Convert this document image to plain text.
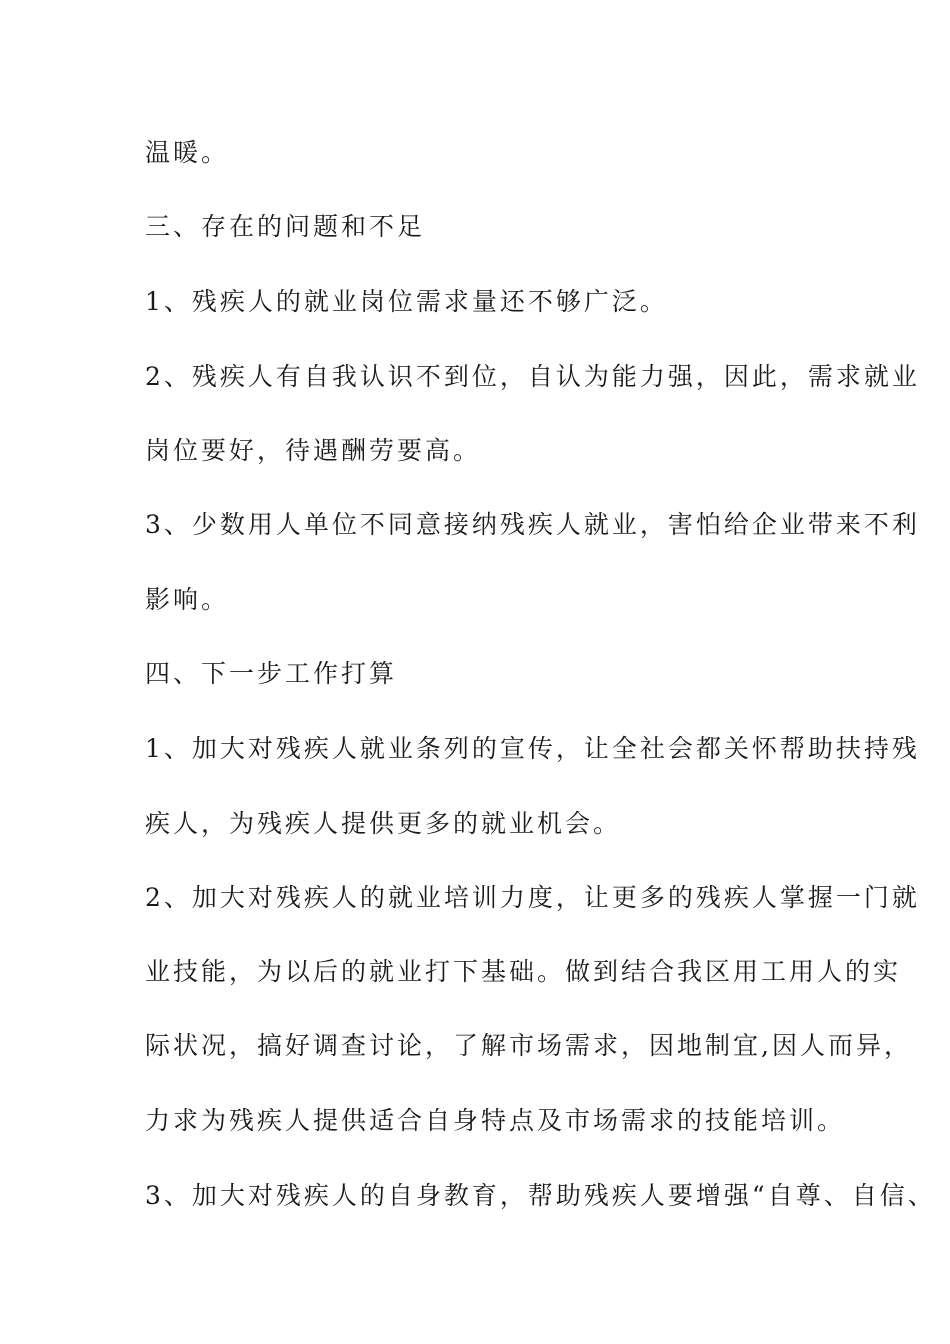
温暖。
三、存在的问题和不足
1、残疾人的就业岗位需求量还不够广泛。
2、残疾人有自我认识不到位，自认为能力强，因此，需求就业
岗位要好，待遇酬劳要高。
3、少数用人单位不同意接纳残疾人就业，害怕给企业带来不利
影响。
四、下一步工作打算
1、加大对残疾人就业条列的宣传，让全社会都关怀帮助扶持残
疾人，为残疾人提供更多的就业机会。
2、加大对残疾人的就业培训力度，让更多的残疾人掌握一门就
业技能，为以后的就业打下基础。做到结合我区用工用人的实
际状况，搞好调查讨论，了解市场需求，因地制宜,因人而异，
力求为残疾人提供适合自身特点及市场需求的技能培训。
3、加大对残疾人的自身教育，帮助残疾人要增强“自尊、自信、
